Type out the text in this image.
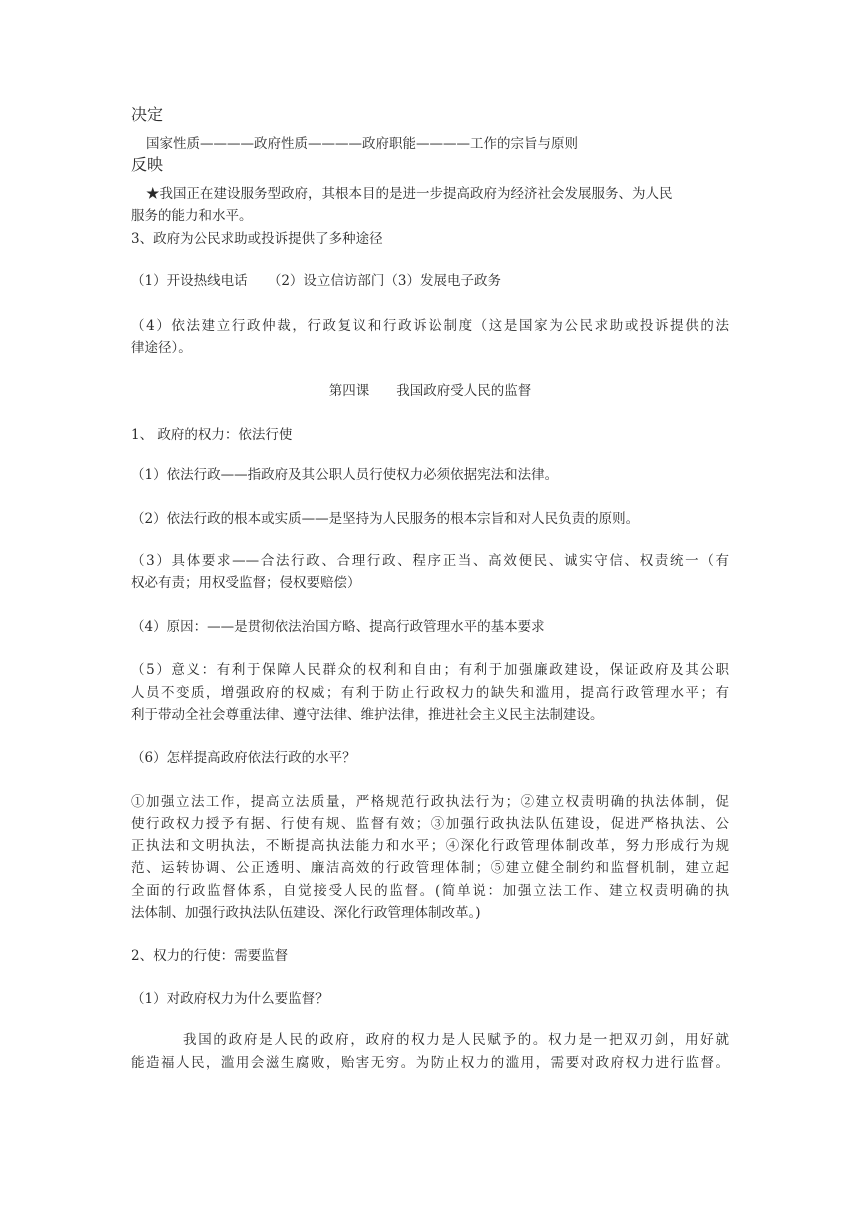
决定

国家性质————政府性质————政府职能————工作的宗旨与原则

反映

★我国正在建设服务型政府，其根本目的是进一步提高政府为经济社会发展服务、为人民

服务的能力和水平。

3、政府为公民求助或投诉提供了多种途径

（1）开设热线电话　　（2）设立信访部门（3）发展电子政务

（4）依法建立行政仲裁，行政复议和行政诉讼制度（这是国家为公民求助或投诉提供的法

律途径）。

第四课　　我国政府受人民的监督

1、 政府的权力：依法行使

（1）依法行政——指政府及其公职人员行使权力必须依据宪法和法律。

（2）依法行政的根本或实质——是坚持为人民服务的根本宗旨和对人民负责的原则。

（3）具体要求——合法行政、合理行政、程序正当、高效便民、诚实守信、权责统一（有

权必有责；用权受监督；侵权要赔偿）

（4）原因：——是贯彻依法治国方略、提高行政管理水平的基本要求

（5）意义：有利于保障人民群众的权利和自由；有利于加强廉政建设，保证政府及其公职

人员不变质，增强政府的权威；有利于防止行政权力的缺失和滥用，提高行政管理水平；有

利于带动全社会尊重法律、遵守法律、维护法律，推进社会主义民主法制建设。

（6）怎样提高政府依法行政的水平？

①加强立法工作，提高立法质量，严格规范行政执法行为；②建立权责明确的执法体制，促

使行政权力授予有据、行使有规、监督有效；③加强行政执法队伍建设，促进严格执法、公

正执法和文明执法，不断提高执法能力和水平；④深化行政管理体制改革，努力形成行为规

范、运转协调、公正透明、廉洁高效的行政管理体制；⑤建立健全制约和监督机制，建立起

全面的行政监督体系，自觉接受人民的监督。(简单说：加强立法工作、建立权责明确的执

法体制、加强行政执法队伍建设、深化行政管理体制改革。)

2、权力的行使：需要监督

（1）对政府权力为什么要监督？

我国的政府是人民的政府，政府的权力是人民赋予的。权力是一把双刃剑，用好就

能造福人民，滥用会滋生腐败，贻害无穷。为防止权力的滥用，需要对政府权力进行监督。
